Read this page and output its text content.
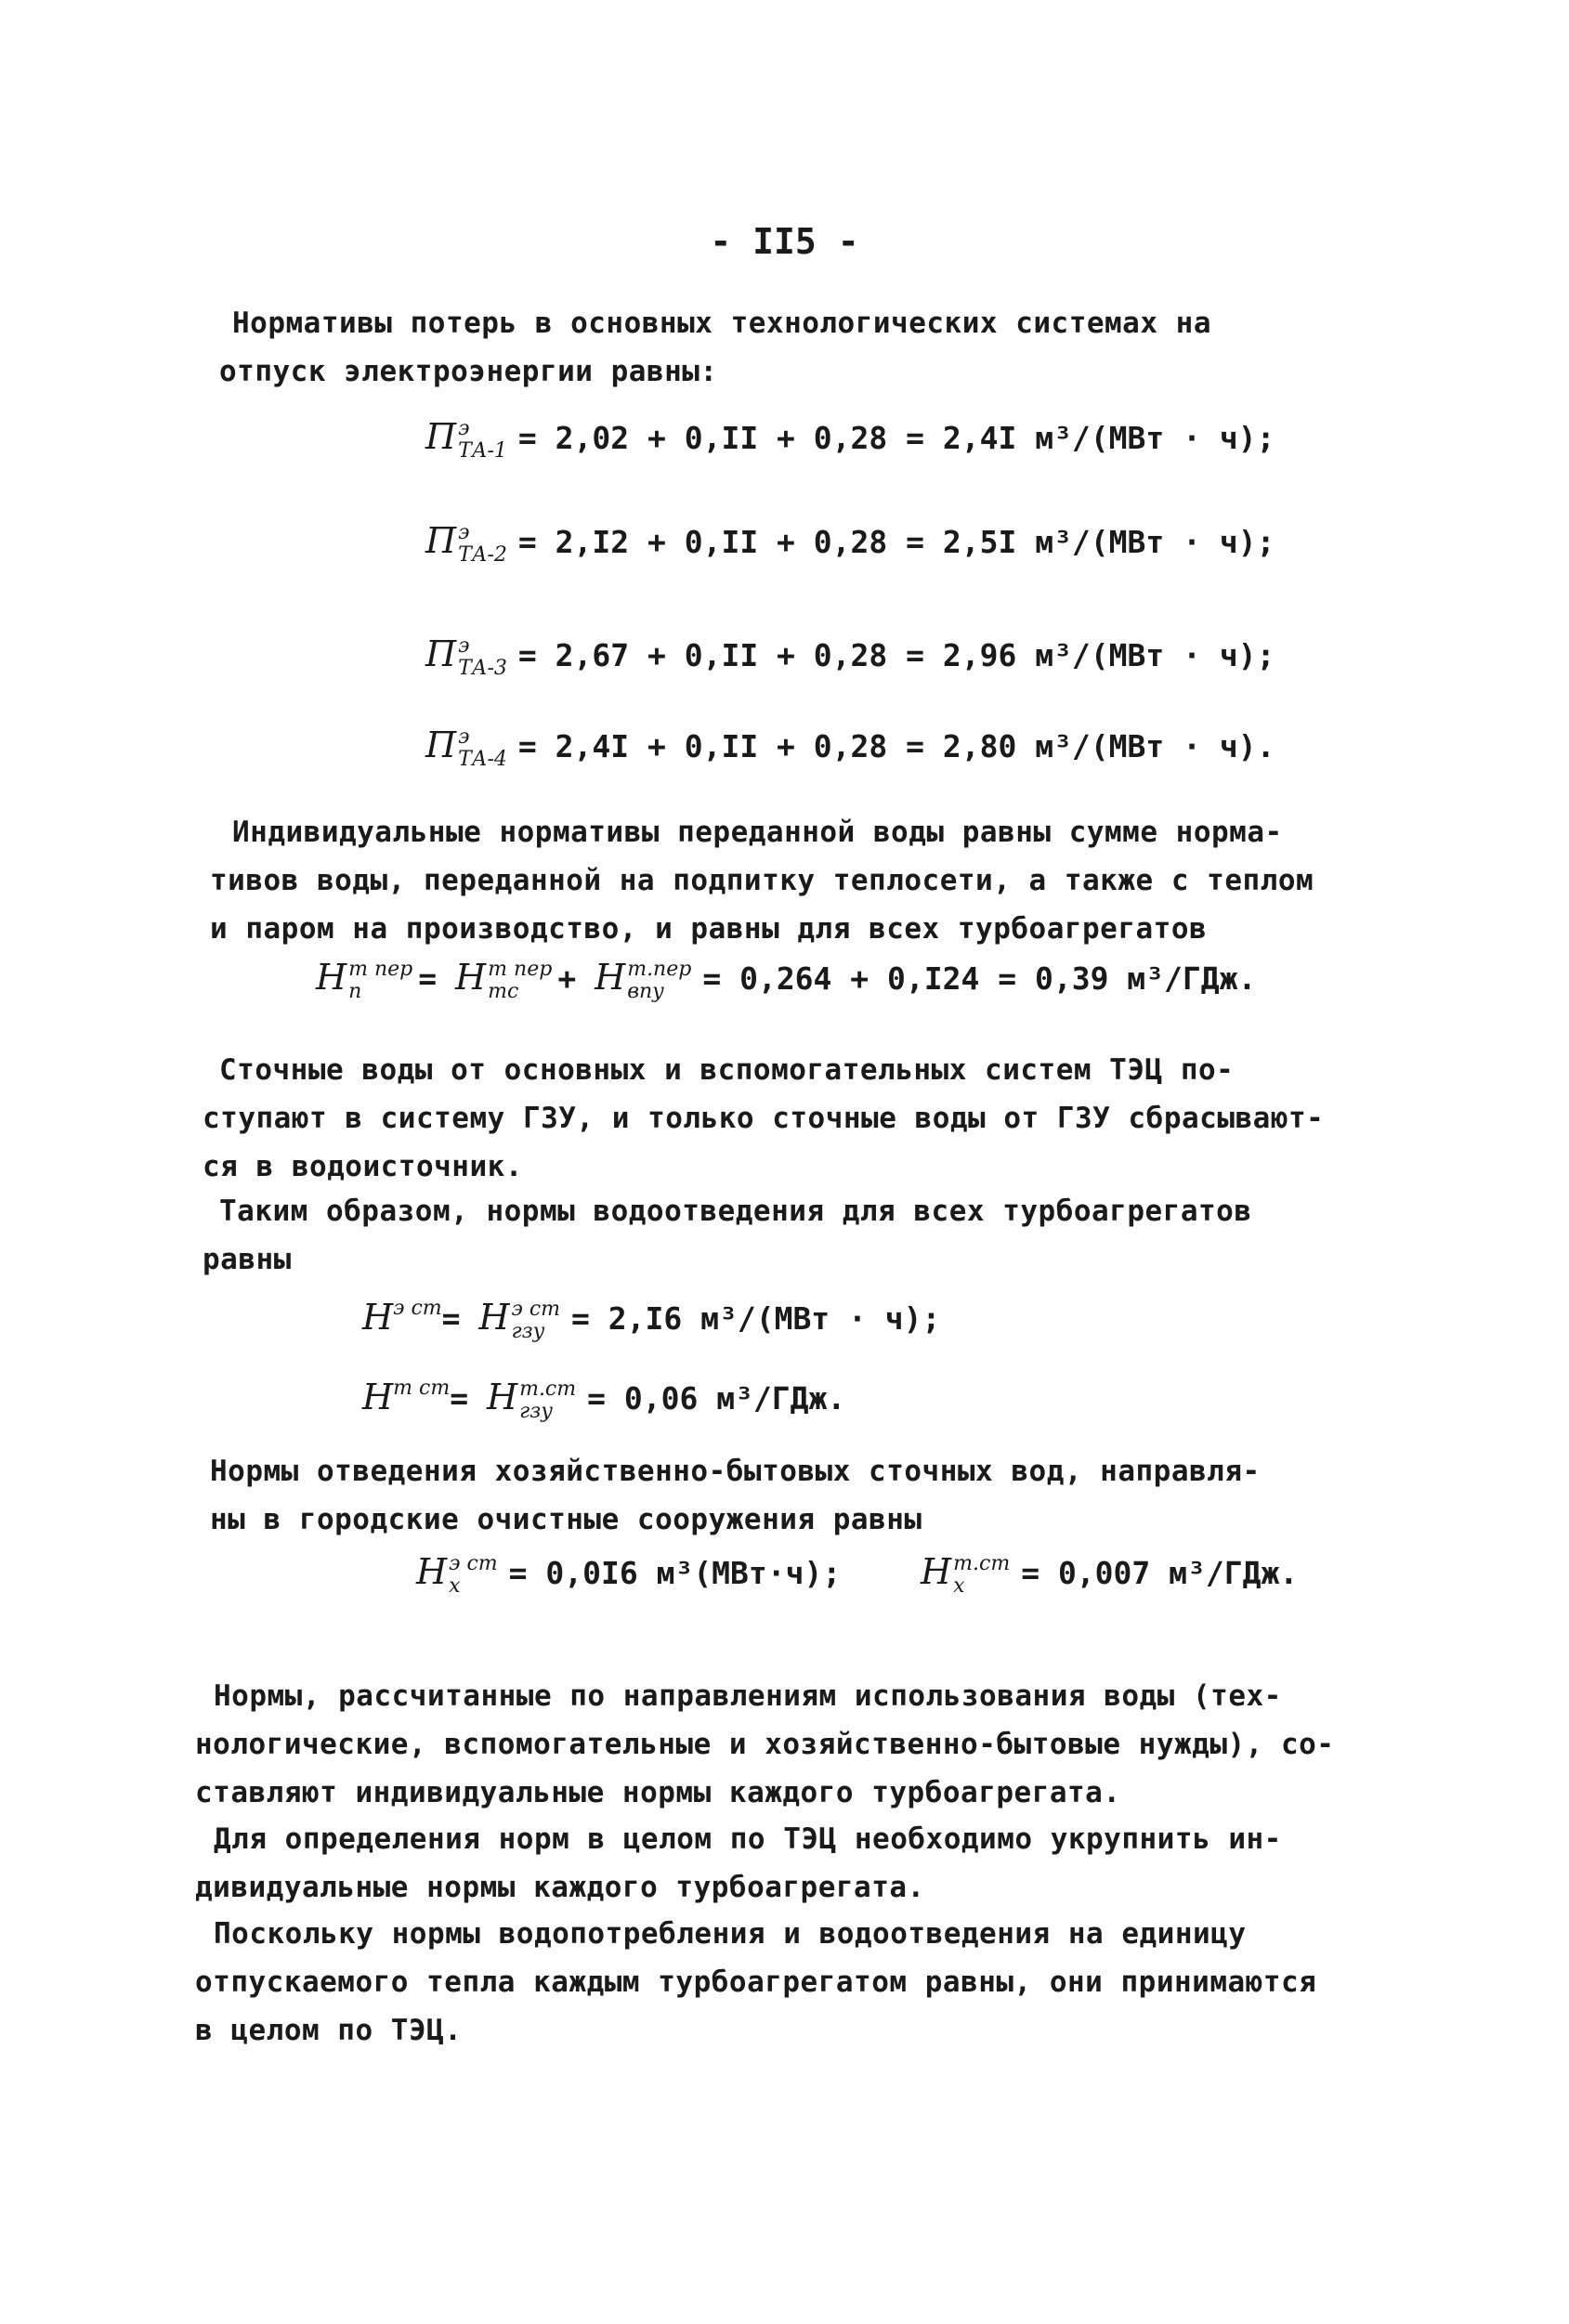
- II5 -
Нормативы потерь в основных технологических системах на
отпуск электроэнергии равны:
П э
ТА-1 = 2,02 + 0,II + 0,28 = 2,4I м³/(МВт · ч);
П э
ТА-2 = 2,I2 + 0,II + 0,28 = 2,5I м³/(МВт · ч);
П э
ТА-3 = 2,67 + 0,II + 0,28 = 2,96 м³/(МВт · ч);
П э
ТА-4 = 2,4I + 0,II + 0,28 = 2,80 м³/(МВт · ч).
Индивидуальные нормативы переданной воды равны сумме норма-
тивов воды, переданной на подпитку теплосети, а также с теплом
и паром на производство, и равны для всех турбоагрегатов
Н т пер
п	= Н т пер
тс	+ Н т.пер
впу	= 0,264 + 0,I24 = 0,39 м³/ГДж.
Сточные воды от основных и вспомогательных систем ТЭЦ по-
ступают в систему ГЗУ, и только сточные воды от ГЗУ сбрасывают-
ся в водоисточник.
Таким образом, нормы водоотведения для всех турбоагрегатов
равны
$Н^{э ст}= Н$ э ст
гзу = 2,I6 м³/(МВт · ч);
$Н^{т ст}= Н$ т.ст
гзу	= 0,06 м³/ГДж.
Нормы отведения хозяйственно-бытовых сточных вод, направля-
ны в городские очистные сооружения равны
Н э ст
х	= 0,0I6 м³(МВт·ч); Н т.ст
х	= 0,007 м³/ГДж.
Нормы, рассчитанные по направлениям использования воды (тех-
нологические, вспомогательные и хозяйственно-бытовые нужды), со-
ставляют индивидуальные нормы каждого турбоагрегата.
Для определения норм в целом по ТЭЦ необходимо укрупнить ин-
дивидуальные нормы каждого турбоагрегата.
Поскольку нормы водопотребления и водоотведения на единицу
отпускаемого тепла каждым турбоагрегатом равны, они принимаются
в целом по ТЭЦ.
